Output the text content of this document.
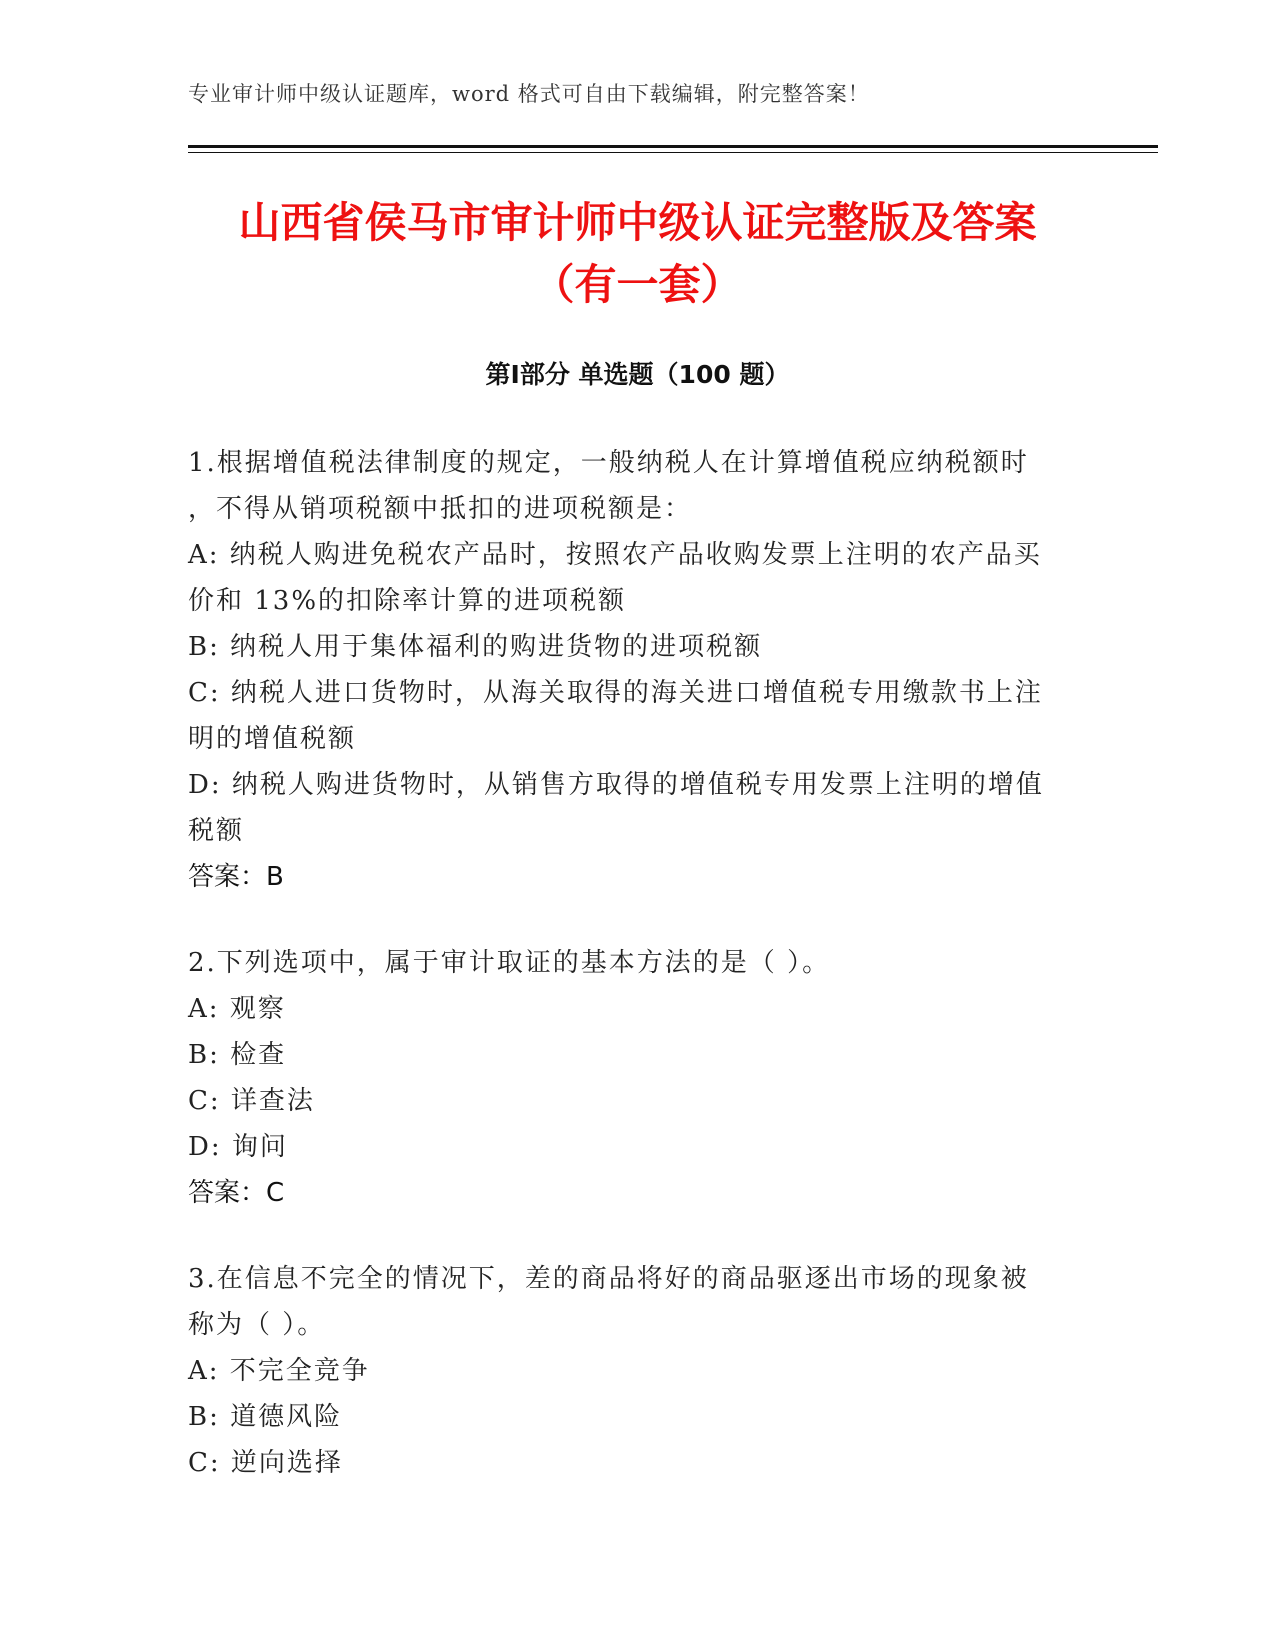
专业审计师中级认证题库，word 格式可自由下载编辑，附完整答案！
山西省侯马市审计师中级认证完整版及答案
（有一套）
第Ⅰ部分 单选题（100 题）
1.根据增值税法律制度的规定，一般纳税人在计算增值税应纳税额时
，不得从销项税额中抵扣的进项税额是：
A: 纳税人购进免税农产品时，按照农产品收购发票上注明的农产品买
价和 13%的扣除率计算的进项税额
B: 纳税人用于集体福利的购进货物的进项税额
C: 纳税人进口货物时，从海关取得的海关进口增值税专用缴款书上注
明的增值税额
D: 纳税人购进货物时，从销售方取得的增值税专用发票上注明的增值
税额
答案：B
2.下列选项中，属于审计取证的基本方法的是（ ）。
A: 观察
B: 检查
C: 详查法
D: 询问
答案：C
3.在信息不完全的情况下，差的商品将好的商品驱逐出市场的现象被
称为（ ）。
A: 不完全竞争
B: 道德风险
C: 逆向选择
